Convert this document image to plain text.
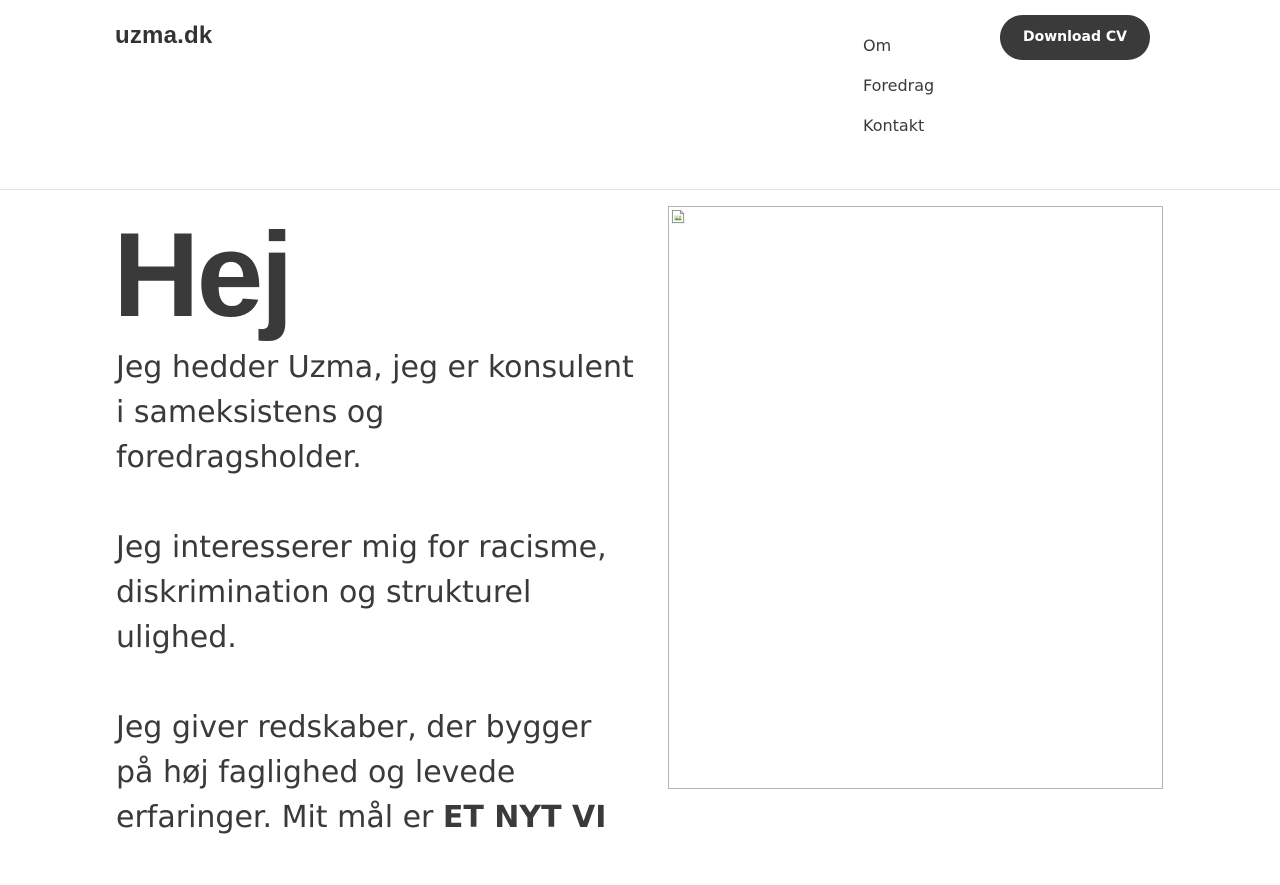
uzma.dk	Om
Foredrag
Kontakt
Download CV
Hej

Jeg hedder Uzma, jeg er konsulent i sameksistens og foredragsholder.

Jeg interesserer mig for racisme, diskrimination og strukturel ulighed.

Jeg giver redskaber, der bygger på høj faglighed og levede erfaringer. Mit mål er ET NYT VI
